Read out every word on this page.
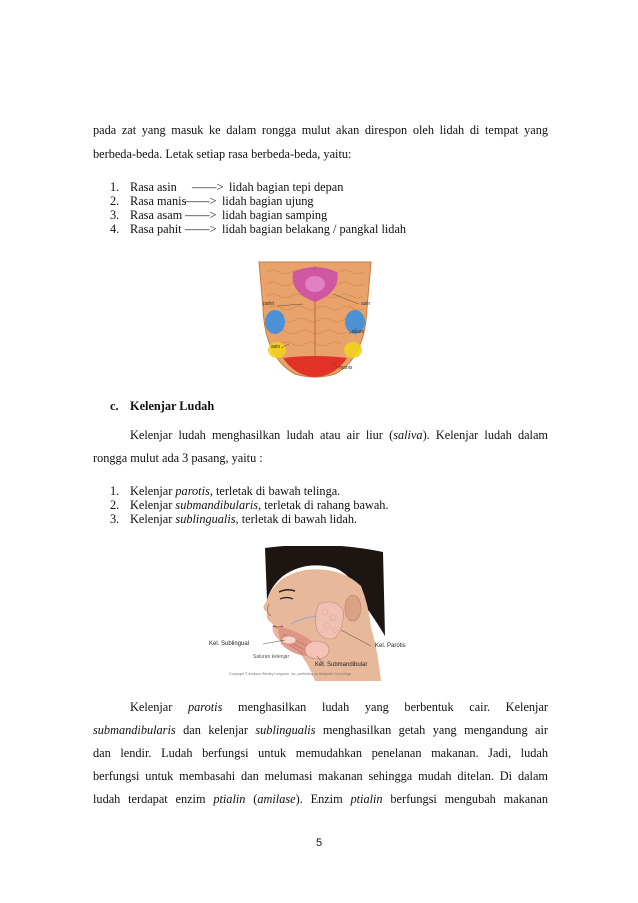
pada zat yang masuk ke dalam rongga mulut akan direspon oleh lidah di tempat yang
berbeda-beda. Letak setiap rasa berbeda-beda, yaitu:
1. Rasa asin	——> lidah bagian tepi depan
2. Rasa manis
——> lidah bagian ujung
3. Rasa asam ——> lidah bagian samping
4. Rasa pahit ——> lidah bagian belakang / pangkal lidah
pahit	asin
asam
asin
manis
c. Kelenjar Ludah
Kelenjar ludah menghasilkan ludah atau air liur (saliva). Kelenjar ludah dalam
rongga mulut ada 3 pasang, yaitu :
1. Kelenjar parotis , terletak di bawah telinga.
2. Kelenjar submandibularis , terletak di rahang bawah.
3. Kelenjar sublingualis , terletak di bawah lidah.
Kel. Sublingual	Kel. Parotis
Kel. Submandibular
Saluran kelenjar
Copyright © Addison Wesley Longman, Inc. publishing as Benjamin Cummings
Kelenjar parotis menghasilkan ludah yang berbentuk cair. Kelenjar
submandibularis dan kelenjar sublingualis menghasilkan getah yang mengandung air
dan lendir. Ludah berfungsi untuk memudahkan penelanan makanan. Jadi, ludah
berfungsi untuk membasahi dan melumasi makanan sehingga mudah ditelan. Di dalam
ludah terdapat enzim ptialin (amilase). Enzim ptialin berfungsi mengubah makanan
5
